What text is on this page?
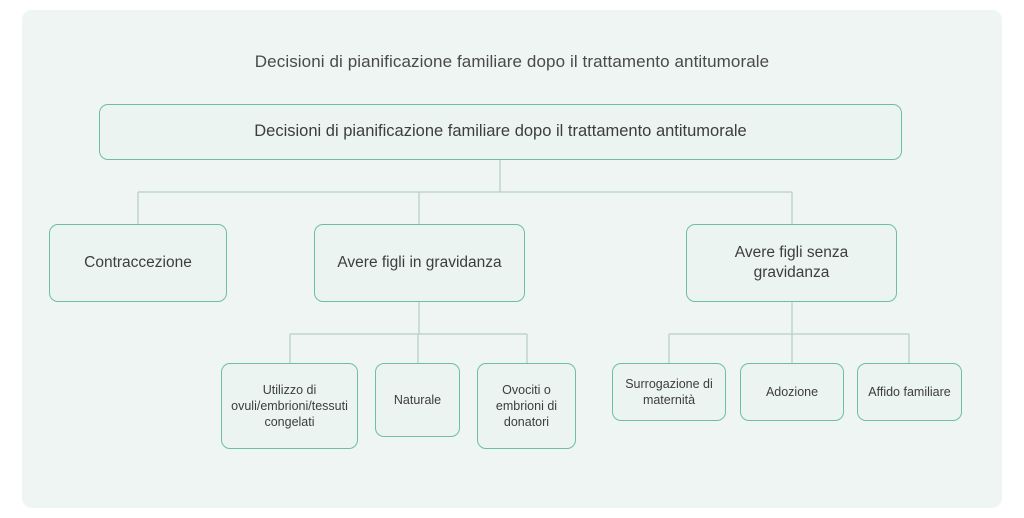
Decisioni di pianificazione familiare dopo il trattamento antitumorale
Decisioni di pianificazione familiare dopo il trattamento antitumorale
Contraccezione	Avere figli in gravidanza
Avere figli senza gravidanza
Utilizzo di ovuli/embrioni/tessuti congelati
Naturale
Ovociti o embrioni di donatori
Surrogazione di maternità
Adozione	Affido familiare
